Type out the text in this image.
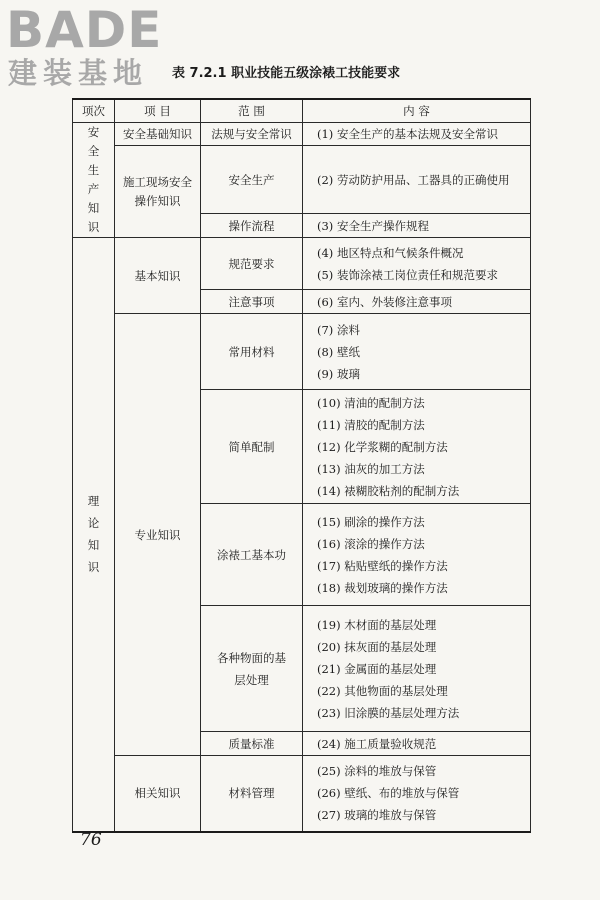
BADE
建装基地 表 7.2.1 职业技能五级涂裱工技能要求
项次	项 目	范 围	内 容
安全生产知识	安全基础知识	法规与安全常识	(1) 安全生产的基本法规及安全常识

	施工现场安全操作知识	安全生产	(2) 劳动防护用品、工器具的正确使用

		操作流程	(3) 安全生产操作规程

理论知识	基本知识	规范要求	(4) 地区特点和气候条件概况
(5) 装饰涂裱工岗位责任和规范要求

		注意事项	(6) 室内、外装修注意事项

	专业知识	常用材料	(7) 涂料
(8) 壁纸
(9) 玻璃

		简单配制	(10) 清油的配制方法
(11) 清胶的配制方法
(12) 化学浆糊的配制方法
(13) 油灰的加工方法
(14) 裱糊胶粘剂的配制方法

		涂裱工基本功	(15) 刷涂的操作方法
(16) 滚涂的操作方法
(17) 粘贴壁纸的操作方法
(18) 裁划玻璃的操作方法

		各种物面的基层处理	(19) 木材面的基层处理
(20) 抹灰面的基层处理
(21) 金属面的基层处理
(22) 其他物面的基层处理
(23) 旧涂膜的基层处理方法

		质量标准	(24) 施工质量验收规范

	相关知识	材料管理	(25) 涂料的堆放与保管
(26) 壁纸、布的堆放与保管
(27) 玻璃的堆放与保管
76
